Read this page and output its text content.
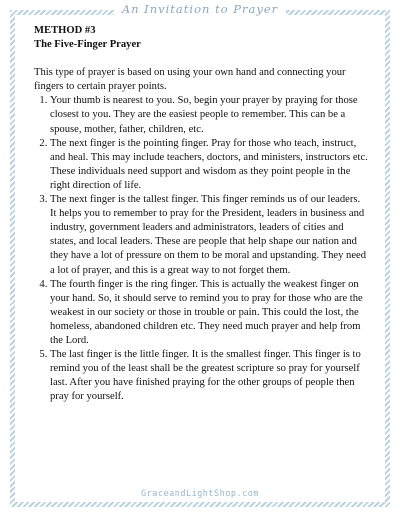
An Invitation to Prayer
METHOD #3
The Five-Finger Prayer
This type of prayer is based on using your own hand and connecting your fingers to certain prayer points.
1. Your thumb is nearest to you. So, begin your prayer by praying for those closest to you. They are the easiest people to remember. This can be a spouse, mother, father, children, etc.
2. The next finger is the pointing finger. Pray for those who teach, instruct, and heal. This may include teachers, doctors, and ministers, instructors etc. These individuals need support and wisdom as they point people in the right direction of life.
3. The next finger is the tallest finger. This finger reminds us of our leaders. It helps you to remember to pray for the President, leaders in business and industry, government leaders and administrators, leaders of cities and states, and local leaders. These are people that help shape our nation and they have a lot of pressure on them to be moral and upstanding. They need a lot of prayer, and this is a great way to not forget them.
4. The fourth finger is the ring finger. This is actually the weakest finger on your hand. So, it should serve to remind you to pray for those who are the weakest in our society or those in trouble or pain. This could the lost, the homeless, abandoned children etc. They need much prayer and help from the Lord.
5. The last finger is the little finger. It is the smallest finger. This finger is to remind you of the least shall be the greatest scripture so pray for yourself last. After you have finished praying for the other groups of people then pray for yourself.
GraceandLightShop.com
